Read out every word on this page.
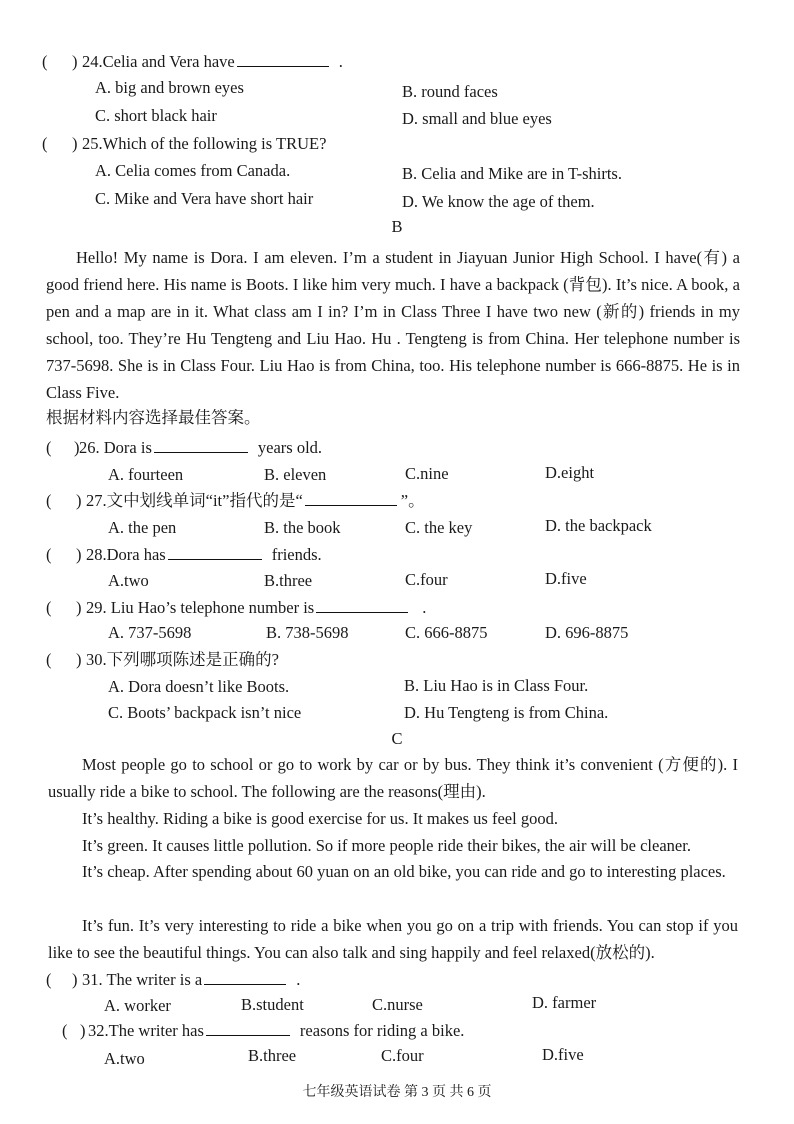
( ) 24.Celia and Vera have	.
A. big and brown eyes	B. round faces
C. short black hair	D. small and blue eyes
( ) 25.Which of the following is TRUE?
A. Celia comes from Canada.	B. Celia and Mike are in T-shirts.
C. Mike and Vera have short hair	D. We know the age of them.
B
Hello! My name is Dora. I am eleven. I’m a student in Jiayuan Junior High School. I have(有) a good friend here. His name is Boots. I like him very much. I have a backpack (背包). It’s nice. A book, a pen and a map are in it. What class am I in? I’m in Class Three I have two new (新的) friends in my school, too. They’re Hu Tengteng and Liu Hao. Hu . Tengteng is from China. Her telephone number is 737-5698. She is in Class Four. Liu Hao is from China, too. His telephone number is 666-8875. He is in Class Five.
根据材料内容选择最佳答案。
( ) 26. Dora is	years old.
A. fourteen	B. eleven	C.nine	D.eight
( ) 27.文中划线单词“it”指代的是“	”。
A. the pen	B. the book	C. the key	D. the backpack
( ) 28.Dora has	friends.
A.two	B.three	C.four	D.five
( ) 29. Liu Hao’s telephone number is	.
A. 737-5698	B. 738-5698	C. 666-8875	D. 696-8875
( ) 30.下列哪项陈述是正确的?
A. Dora doesn’t like Boots.	B. Liu Hao is in Class Four.
C. Boots’ backpack isn’t nice	D. Hu Tengteng is from China.
C
Most people go to school or go to work by car or by bus. They think it’s convenient (方便的). I usually ride a bike to school. The following are the reasons(理由).
It’s healthy. Riding a bike is good exercise for us. It makes us feel good.
It’s green. It causes little pollution. So if more people ride their bikes, the air will be cleaner.
It’s cheap. After spending about 60 yuan on an old bike, you can ride and go to interesting places.
It’s fun. It’s very interesting to ride a bike when you go on a trip with friends. You can stop if you like to see the beautiful things. You can also talk and sing happily and feel relaxed(放松的).
( ) 31. The writer is a	.
A. worker	B.student	C.nurse	D. farmer
( ) 32.The writer has	reasons for riding a bike.
A.two	B.three	C.four	D.five
七年级英语试卷 第 3 页 共 6 页
